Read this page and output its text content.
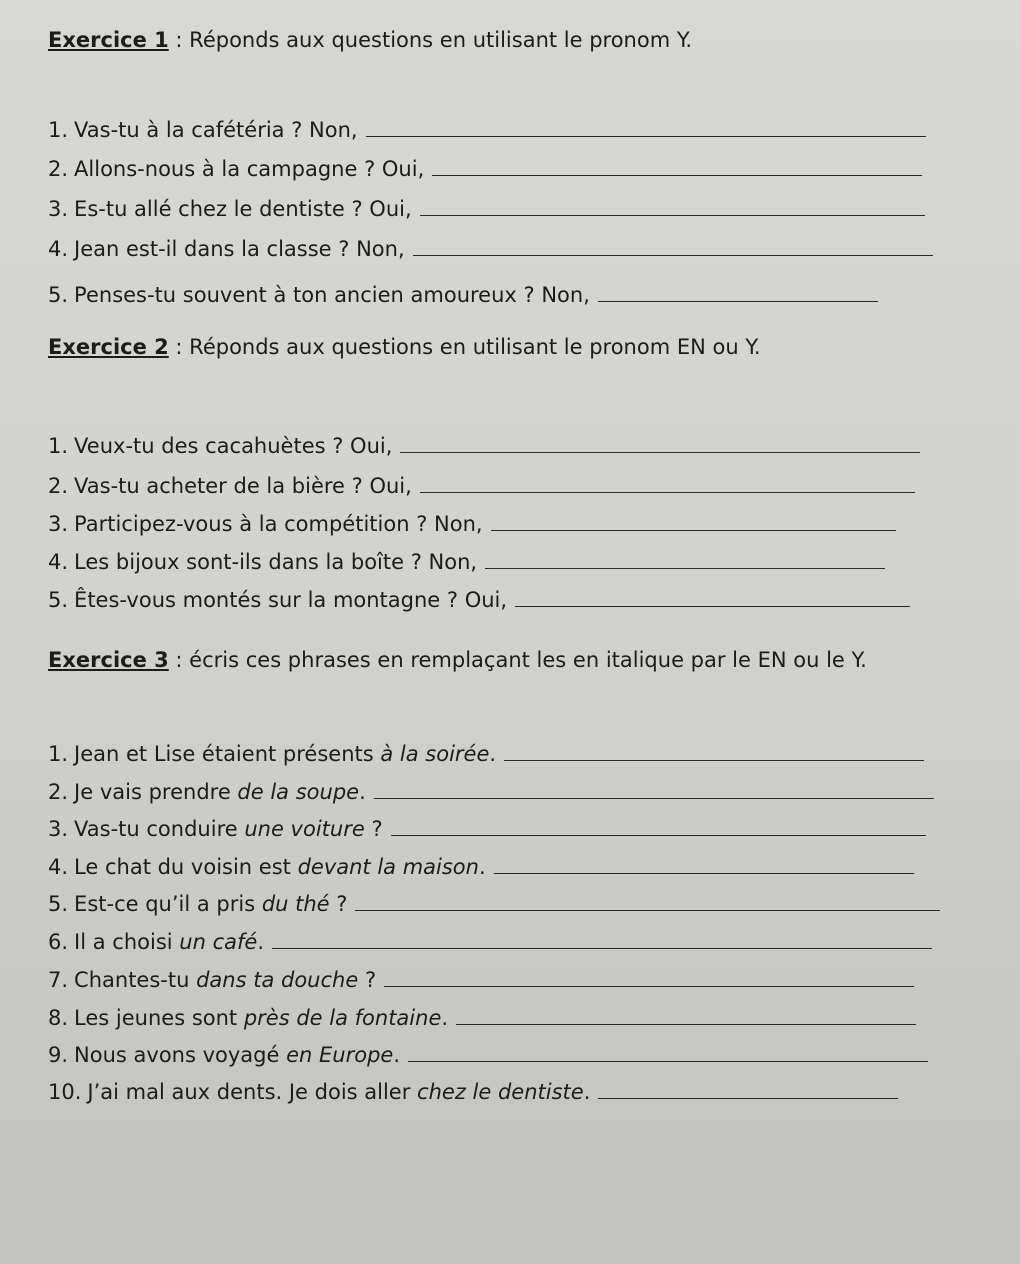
Exercice 1 : Réponds aux questions en utilisant le pronom Y.
1. Vas-tu à la cafétéria ? Non,
2. Allons-nous à la campagne ? Oui,
3. Es-tu allé chez le dentiste ? Oui,
4. Jean est-il dans la classe ? Non,
5. Penses-tu souvent à ton ancien amoureux ? Non,
Exercice 2 : Réponds aux questions en utilisant le pronom EN ou Y.
1. Veux-tu des cacahuètes ? Oui,
2. Vas-tu acheter de la bière ? Oui,
3. Participez-vous à la compétition ? Non,
4. Les bijoux sont-ils dans la boîte ? Non,
5. Êtes-vous montés sur la montagne ? Oui,
Exercice 3 : écris ces phrases en remplaçant les en italique par le EN ou le Y.
1. Jean et Lise étaient présents à la soirée .
2. Je vais prendre de la soupe .
3. Vas-tu conduire une voiture ?
4. Le chat du voisin est devant la maison .
5. Est-ce qu’il a pris du thé ?
6. Il a choisi un café .
7. Chantes-tu dans ta douche ?
8. Les jeunes sont près de la fontaine .
9. Nous avons voyagé en Europe .
10. J’ai mal aux dents. Je dois aller chez le dentiste .
